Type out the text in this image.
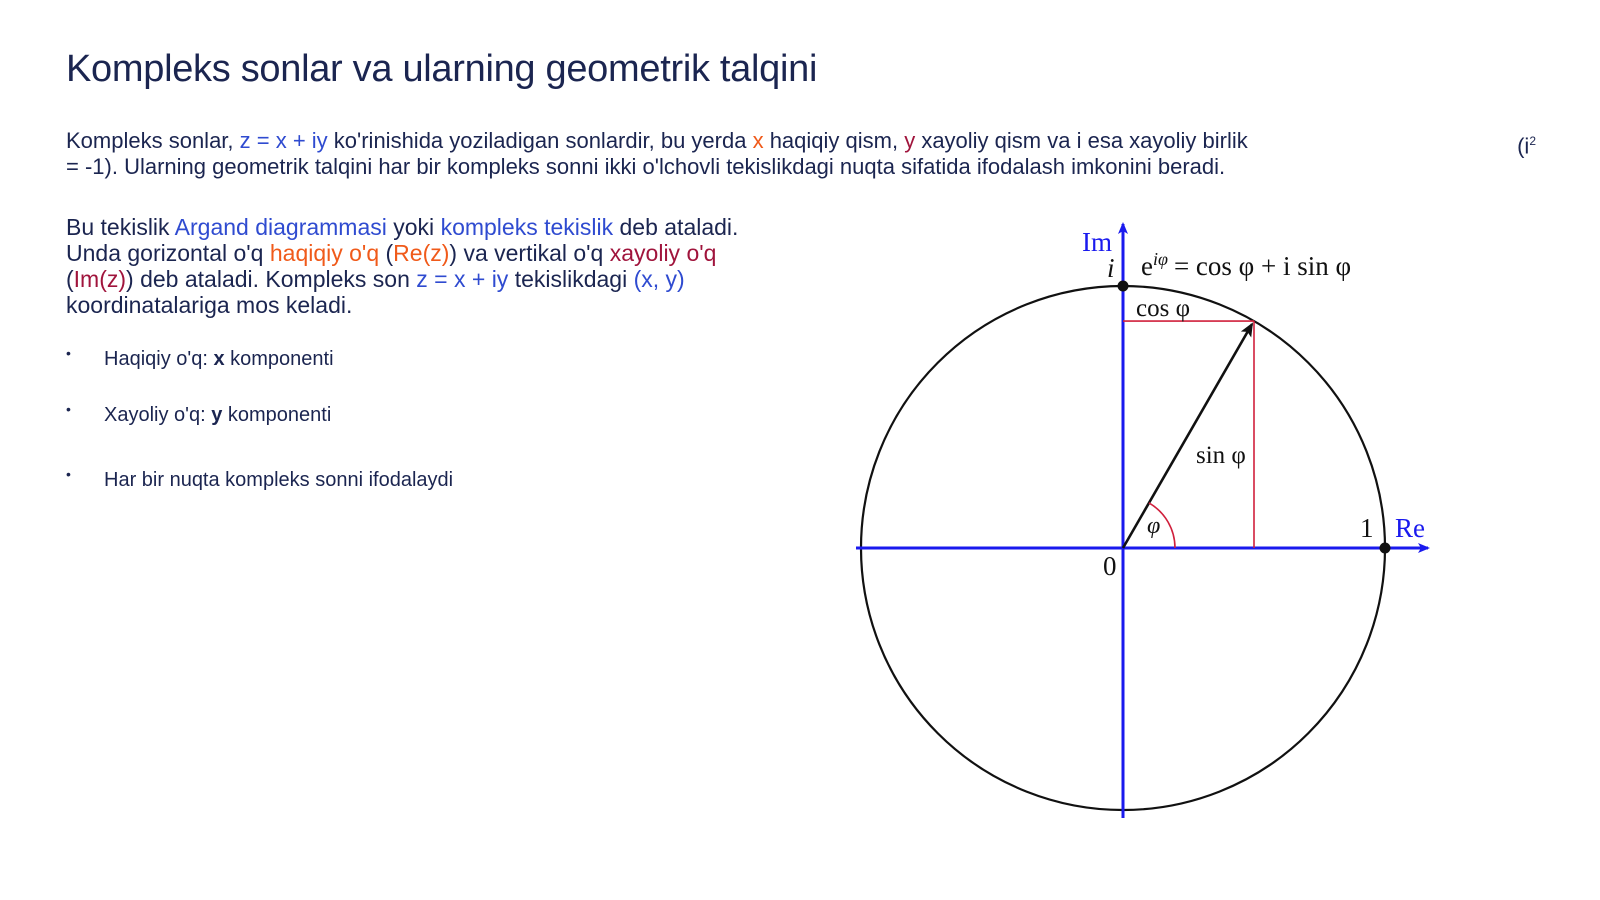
Kompleks sonlar va ularning geometrik talqini
Kompleks sonlar, z = x + iy ko'rinishida yoziladigan sonlardir, bu yerda x haqiqiy qism, y xayoliy qism va i esa xayoliy birlik	($i^2$

= -1). Ularning geometrik talqini har bir kompleks sonni ikki o'lchovli tekislikdagi nuqta sifatida ifodalash imkonini beradi.
Bu tekislik Argand diagrammasi yoki kompleks tekislik deb ataladi. Unda gorizontal o'q haqiqiy o'q (Re(z)) va vertikal o'q xayoliy o'q (Im(z)) deb ataladi. Kompleks son z = x + iy tekislikdagi (x, y) koordinatalariga mos keladi.
• Haqiqiy o'q: x komponenti
• Xayoliy o'q: y komponenti
• Har bir nuqta kompleks sonni ifodalaydi
Im
Re
i
1
0
$e^{i\varphi} = \cos \varphi + i$ sin φ
cos φ
sin φ
φ
